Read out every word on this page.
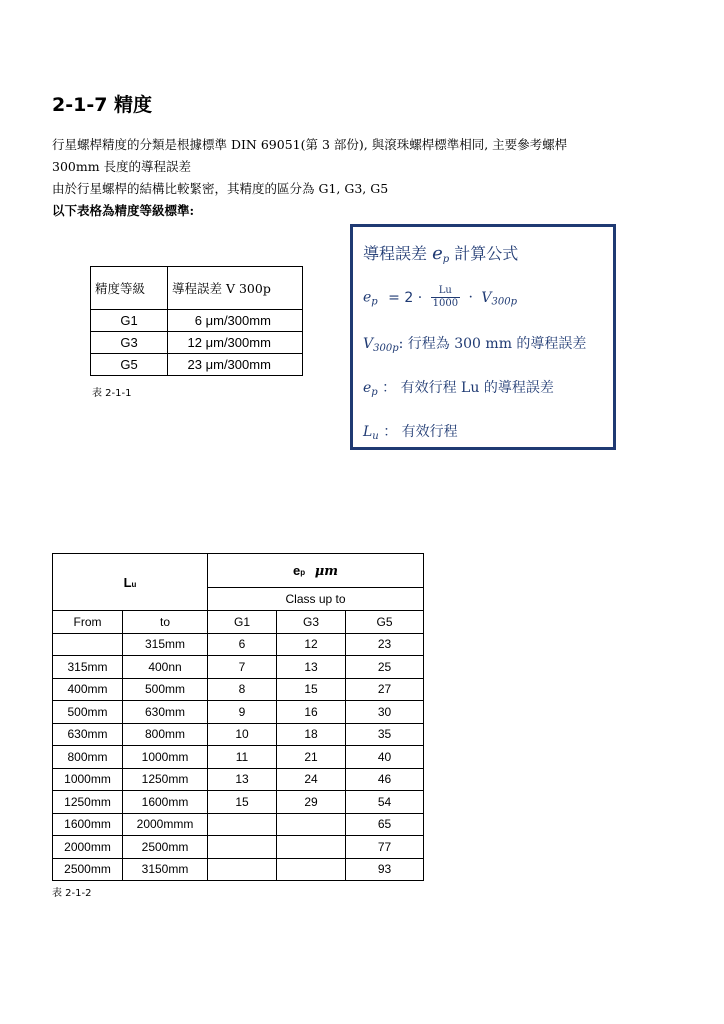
2-1-7 精度
行星螺桿精度的分類是根據標準 DIN 69051(第 3 部份), 與滾珠螺桿標準相同, 主要參考螺桿
300mm 長度的導程誤差
由於行星螺桿的結構比較緊密，其精度的區分為 G1, G3, G5
以下表格為精度等級標準:
導程誤差 $e_p$ 計算公式
$e_p = 2 \cdot \frac{Lu}{1000} \cdot V_{300p}$
$V_{300p}$: 行程為 300 mm 的導程誤差
$e_p$ ： 有效行程 Lu 的導程誤差
$L_u$ ： 有效行程
精度等級	導程誤差 V 300p
G1	6 μm/300mm
G3	12 μm/300mm
G5	23 μm/300mm
表 2-1-1
Lu		ep μm		
		Class up to		
From	to	G1	G3	G5
	315mm	6	12	23
315mm	400nn	7	13	25
400mm	500mm	8	15	27
500mm	630mm	9	16	30
630mm	800mm	10	18	35
800mm	1000mm	11	21	40
1000mm	1250mm	13	24	46
1250mm	1600mm	15	29	54
1600mm	2000mmm			65
2000mm	2500mm			77
2500mm	3150mm			93
表 2-1-2
